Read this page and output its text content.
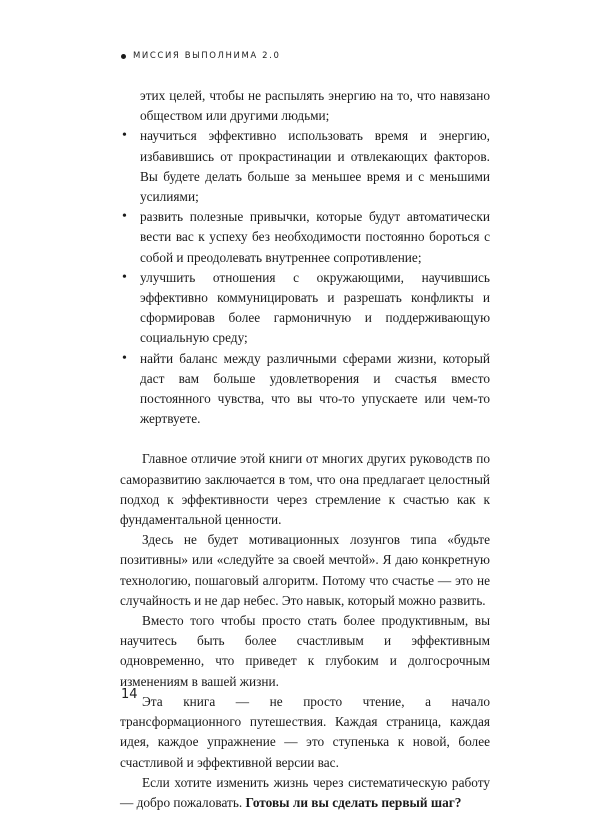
МИССИЯ ВЫПОЛНИМА 2.0

этих целей, чтобы не распылять энергию на то, что навязано обществом или другими людьми;

• научиться эффективно использовать время и энергию, избавившись от прокрастинации и отвлекающих факторов. Вы будете делать больше за меньшее время и с меньшими усилиями;
• развить полезные привычки, которые будут автоматически вести вас к успеху без необходимости постоянно бороться с собой и преодолевать внутреннее сопротивление;
• улучшить отношения с окружающими, научившись эффективно коммуницировать и разрешать конфликты и сформировав более гармоничную и поддерживающую социальную среду;
• найти баланс между различными сферами жизни, который даст вам больше удовлетворения и счастья вместо постоянного чувства, что вы что-то упускаете или чем-то жертвуете.

Главное отличие этой книги от многих других руководств по саморазвитию заключается в том, что она предлагает целостный подход к эффективности через стремление к счастью как к фундаментальной ценности.

Здесь не будет мотивационных лозунгов типа «будьте позитивны» или «следуйте за своей мечтой». Я даю конкретную технологию, пошаговый алгоритм. Потому что счастье — это не случайность и не дар небес. Это навык, который можно развить.

Вместо того чтобы просто стать более продуктивным, вы научитесь быть более счастливым и эффективным одновременно, что приведет к глубоким и долгосрочным изменениям в вашей жизни.

Эта книга — не просто чтение, а начало трансформационного путешествия. Каждая страница, каждая идея, каждое упражнение — это ступенька к новой, более счастливой и эффективной версии вас.

Если хотите изменить жизнь через систематическую работу — добро пожаловать. Готовы ли вы сделать первый шаг?

14
